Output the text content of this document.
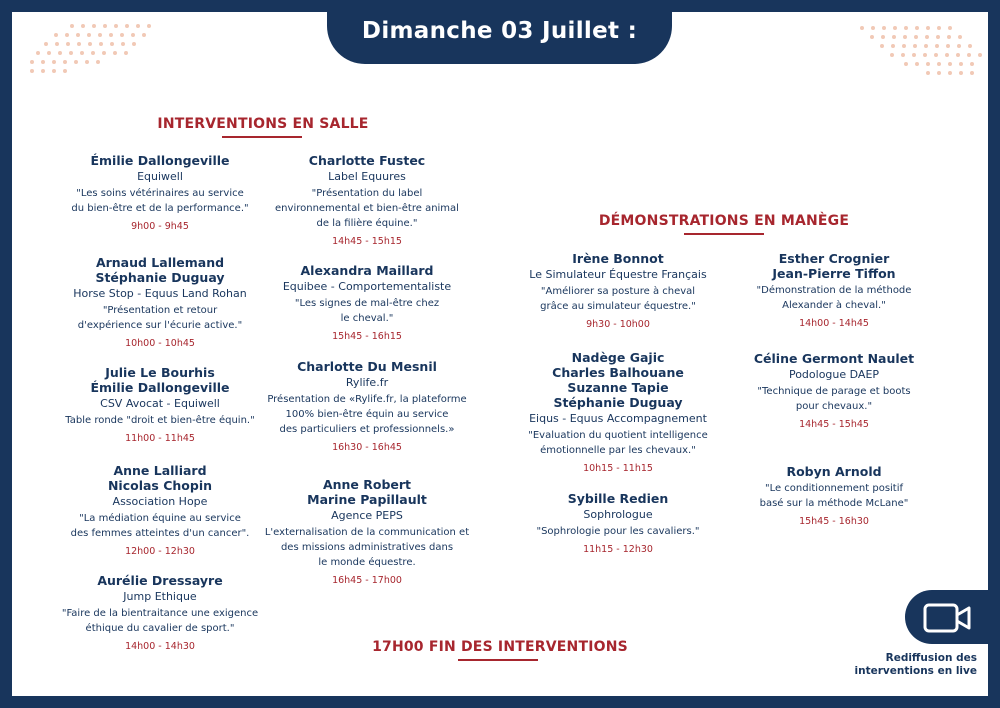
Dimanche 03 Juillet :
INTERVENTIONS EN SALLE
DÉMONSTRATIONS EN MANÈGE
17H00 FIN DES INTERVENTIONS
Émilie Dallongeville
Equiwell
"Les soins vétérinaires au service
du bien-être et de la performance."
9h00 - 9h45
Arnaud Lallemand
Stéphanie Duguay
Horse Stop - Equus Land Rohan
"Présentation et retour
d'expérience sur l'écurie active."
10h00 - 10h45
Julie Le Bourhis
Émilie Dallongeville
CSV Avocat - Equiwell
Table ronde "droit et bien-être équin."
11h00 - 11h45
Anne Lalliard
Nicolas Chopin
Association Hope
"La médiation équine au service
des femmes atteintes d'un cancer".
12h00 - 12h30
Aurélie Dressayre
Jump Ethique
"Faire de la bientraitance une exigence
éthique du cavalier de sport."
14h00 - 14h30
Charlotte Fustec
Label Equures
"Présentation du label
environnemental et bien-être animal
de la filière équine."
14h45 - 15h15
Alexandra Maillard
Equibee - Comportementaliste
"Les signes de mal-être chez
le cheval."
15h45 - 16h15
Charlotte Du Mesnil
Rylife.fr
Présentation de «Rylife.fr, la plateforme
100% bien-être équin au service
des particuliers et professionnels.»
16h30 - 16h45
Anne Robert
Marine Papillault
Agence PEPS
L'externalisation de la communication et
des missions administratives dans
le monde équestre.
16h45 - 17h00
Irène Bonnot
Le Simulateur Équestre Français
"Améliorer sa posture à cheval
grâce au simulateur équestre."
9h30 - 10h00
Nadège Gajic
Charles Balhouane
Suzanne Tapie
Stéphanie Duguay
Eiqus - Equus Accompagnement
"Evaluation du quotient intelligence
émotionnelle par les chevaux."
10h15 - 11h15
Sybille Redien
Sophrologue
"Sophrologie pour les cavaliers."
11h15 - 12h30
Esther Crognier
Jean-Pierre Tiffon
"Démonstration de la méthode
Alexander à cheval."
14h00 - 14h45
Céline Germont Naulet
Podologue DAEP
"Technique de parage et boots
pour chevaux."
14h45 - 15h45
Robyn Arnold
"Le conditionnement positif
basé sur la méthode McLane"
15h45 - 16h30
Rediffusion des
interventions en live
